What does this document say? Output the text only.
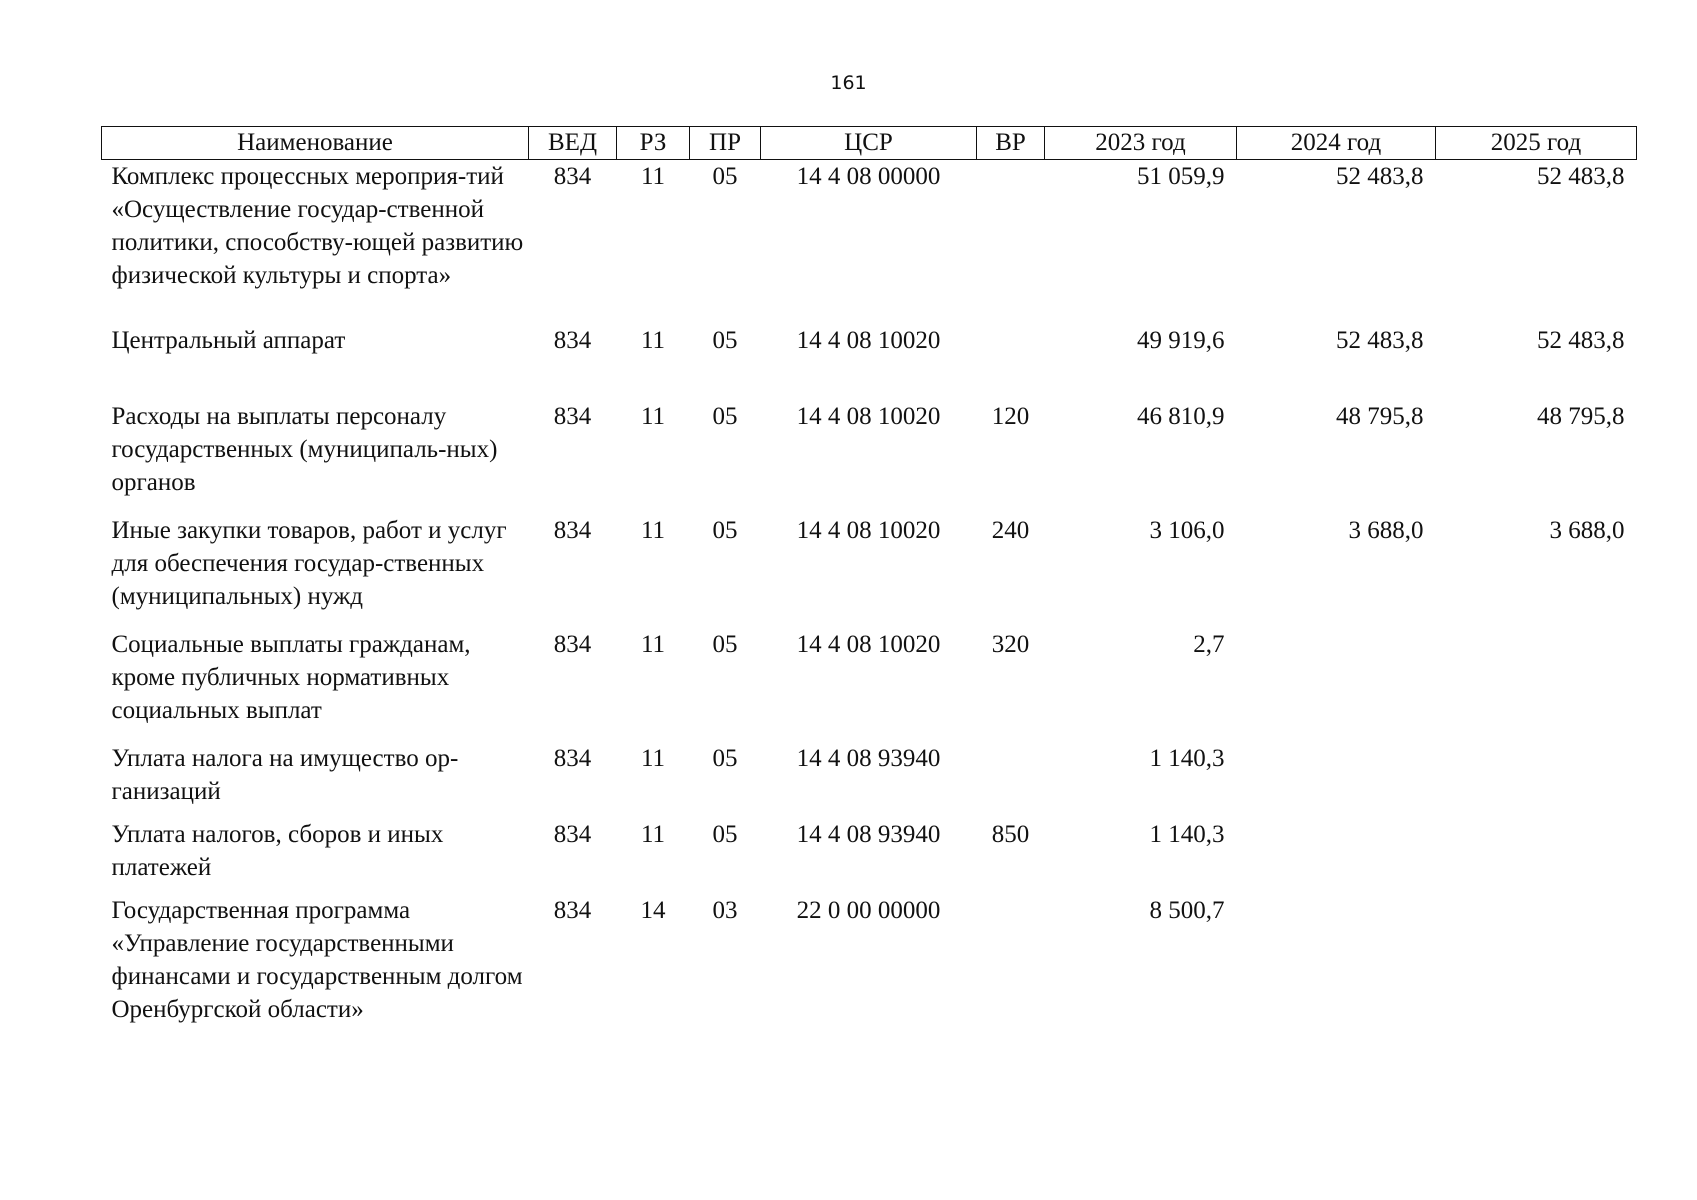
161
Наименование	ВЕД	РЗ	ПР	ЦСР	ВР	2023 год	2024 год	2025 год
Комплекс процессных мероприя-тий «Осуществление государ-ственной политики, способству-ющей развитию физической культуры и спорта»	834	11	05	14 4 08 00000		51 059,9	52 483,8	52 483,8
Центральный аппарат	834	11	05	14 4 08 10020		49 919,6	52 483,8	52 483,8
Расходы на выплаты персоналу государственных (муниципаль-ных) органов	834	11	05	14 4 08 10020	120	46 810,9	48 795,8	48 795,8
Иные закупки товаров, работ и услуг для обеспечения государ-ственных (муниципальных) нужд	834	11	05	14 4 08 10020	240	3 106,0	3 688,0	3 688,0
Социальные выплаты гражданам, кроме публичных нормативных социальных выплат	834	11	05	14 4 08 10020	320	2,7		
Уплата налога на имущество ор-ганизаций	834	11	05	14 4 08 93940		1 140,3		
Уплата налогов, сборов и иных платежей	834	11	05	14 4 08 93940	850	1 140,3		
Государственная программа «Управление государственными финансами и государственным долгом Оренбургской области»	834	14	03	22 0 00 00000		8 500,7		
